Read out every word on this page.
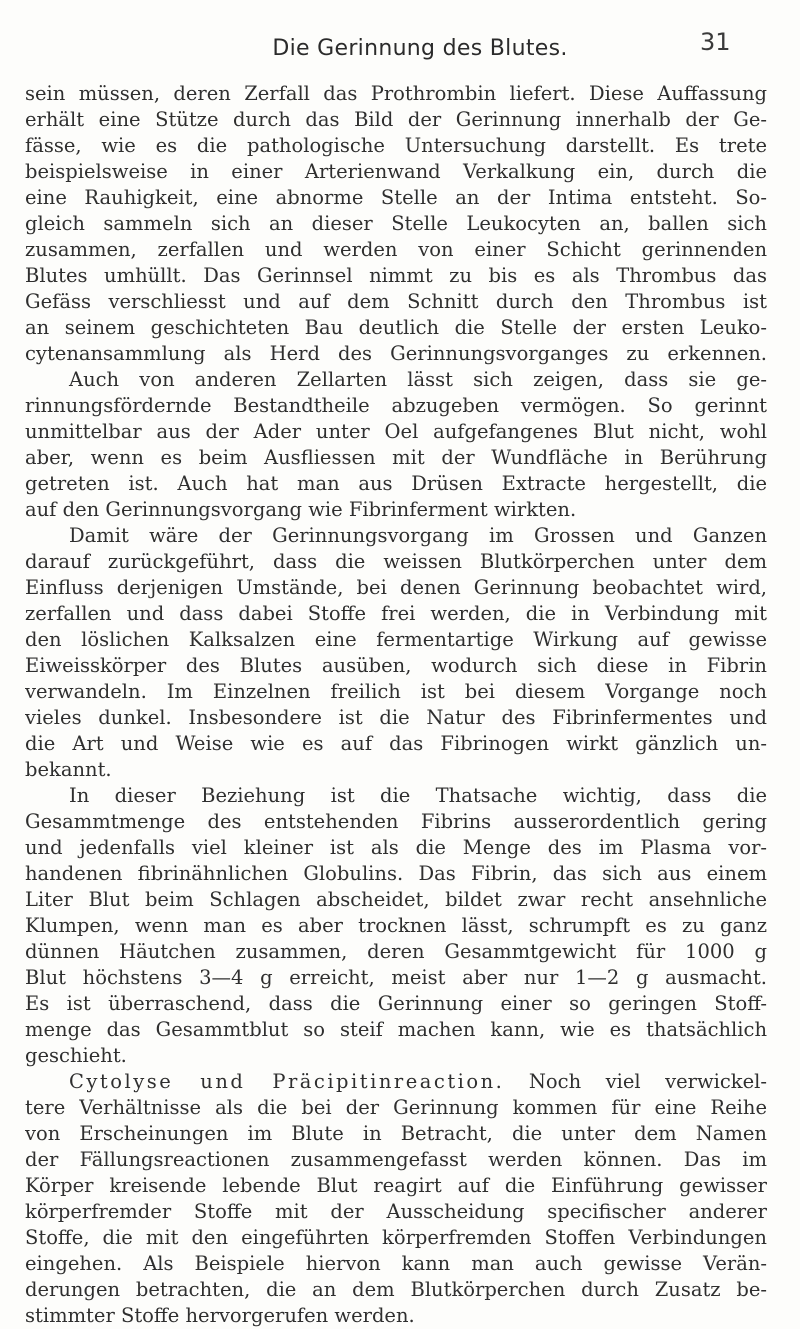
Die Gerinnung des Blutes.	31
sein müssen, deren Zerfall das Prothrombin liefert. Diese Auffassung
erhält eine Stütze durch das Bild der Gerinnung innerhalb der Ge-
fässe, wie es die pathologische Untersuchung darstellt. Es trete
beispielsweise in einer Arterienwand Verkalkung ein, durch die
eine Rauhigkeit, eine abnorme Stelle an der Intima entsteht. So-
gleich sammeln sich an dieser Stelle Leukocyten an, ballen sich
zusammen, zerfallen und werden von einer Schicht gerinnenden
Blutes umhüllt. Das Gerinnsel nimmt zu bis es als Thrombus das
Gefäss verschliesst und auf dem Schnitt durch den Thrombus ist
an seinem geschichteten Bau deutlich die Stelle der ersten Leuko-
cytenansammlung als Herd des Gerinnungsvorganges zu erkennen.
Auch von anderen Zellarten lässt sich zeigen, dass sie ge-
rinnungsfördernde Bestandtheile abzugeben vermögen. So gerinnt
unmittelbar aus der Ader unter Oel aufgefangenes Blut nicht, wohl
aber, wenn es beim Ausfliessen mit der Wundfläche in Berührung
getreten ist. Auch hat man aus Drüsen Extracte hergestellt, die
auf den Gerinnungsvorgang wie Fibrinferment wirkten.
Damit wäre der Gerinnungsvorgang im Grossen und Ganzen
darauf zurückgeführt, dass die weissen Blutkörperchen unter dem
Einfluss derjenigen Umstände, bei denen Gerinnung beobachtet wird,
zerfallen und dass dabei Stoffe frei werden, die in Verbindung mit
den löslichen Kalksalzen eine fermentartige Wirkung auf gewisse
Eiweisskörper des Blutes ausüben, wodurch sich diese in Fibrin
verwandeln. Im Einzelnen freilich ist bei diesem Vorgange noch
vieles dunkel. Insbesondere ist die Natur des Fibrinfermentes und
die Art und Weise wie es auf das Fibrinogen wirkt gänzlich un-
bekannt.
In dieser Beziehung ist die Thatsache wichtig, dass die
Gesammtmenge des entstehenden Fibrins ausserordentlich gering
und jedenfalls viel kleiner ist als die Menge des im Plasma vor-
handenen fibrinähnlichen Globulins. Das Fibrin, das sich aus einem
Liter Blut beim Schlagen abscheidet, bildet zwar recht ansehnliche
Klumpen, wenn man es aber trocknen lässt, schrumpft es zu ganz
dünnen Häutchen zusammen, deren Gesammtgewicht für 1000 g
Blut höchstens 3—4 g erreicht, meist aber nur 1—2 g ausmacht.
Es ist überraschend, dass die Gerinnung einer so geringen Stoff-
menge das Gesammtblut so steif machen kann, wie es thatsächlich
geschieht.
Cytolyse und Präcipitinreaction. Noch viel verwickel-
tere Verhältnisse als die bei der Gerinnung kommen für eine Reihe
von Erscheinungen im Blute in Betracht, die unter dem Namen
der Fällungsreactionen zusammengefasst werden können. Das im
Körper kreisende lebende Blut reagirt auf die Einführung gewisser
körperfremder Stoffe mit der Ausscheidung specifischer anderer
Stoffe, die mit den eingeführten körperfremden Stoffen Verbindungen
eingehen. Als Beispiele hiervon kann man auch gewisse Verän-
derungen betrachten, die an dem Blutkörperchen durch Zusatz be-
stimmter Stoffe hervorgerufen werden.
